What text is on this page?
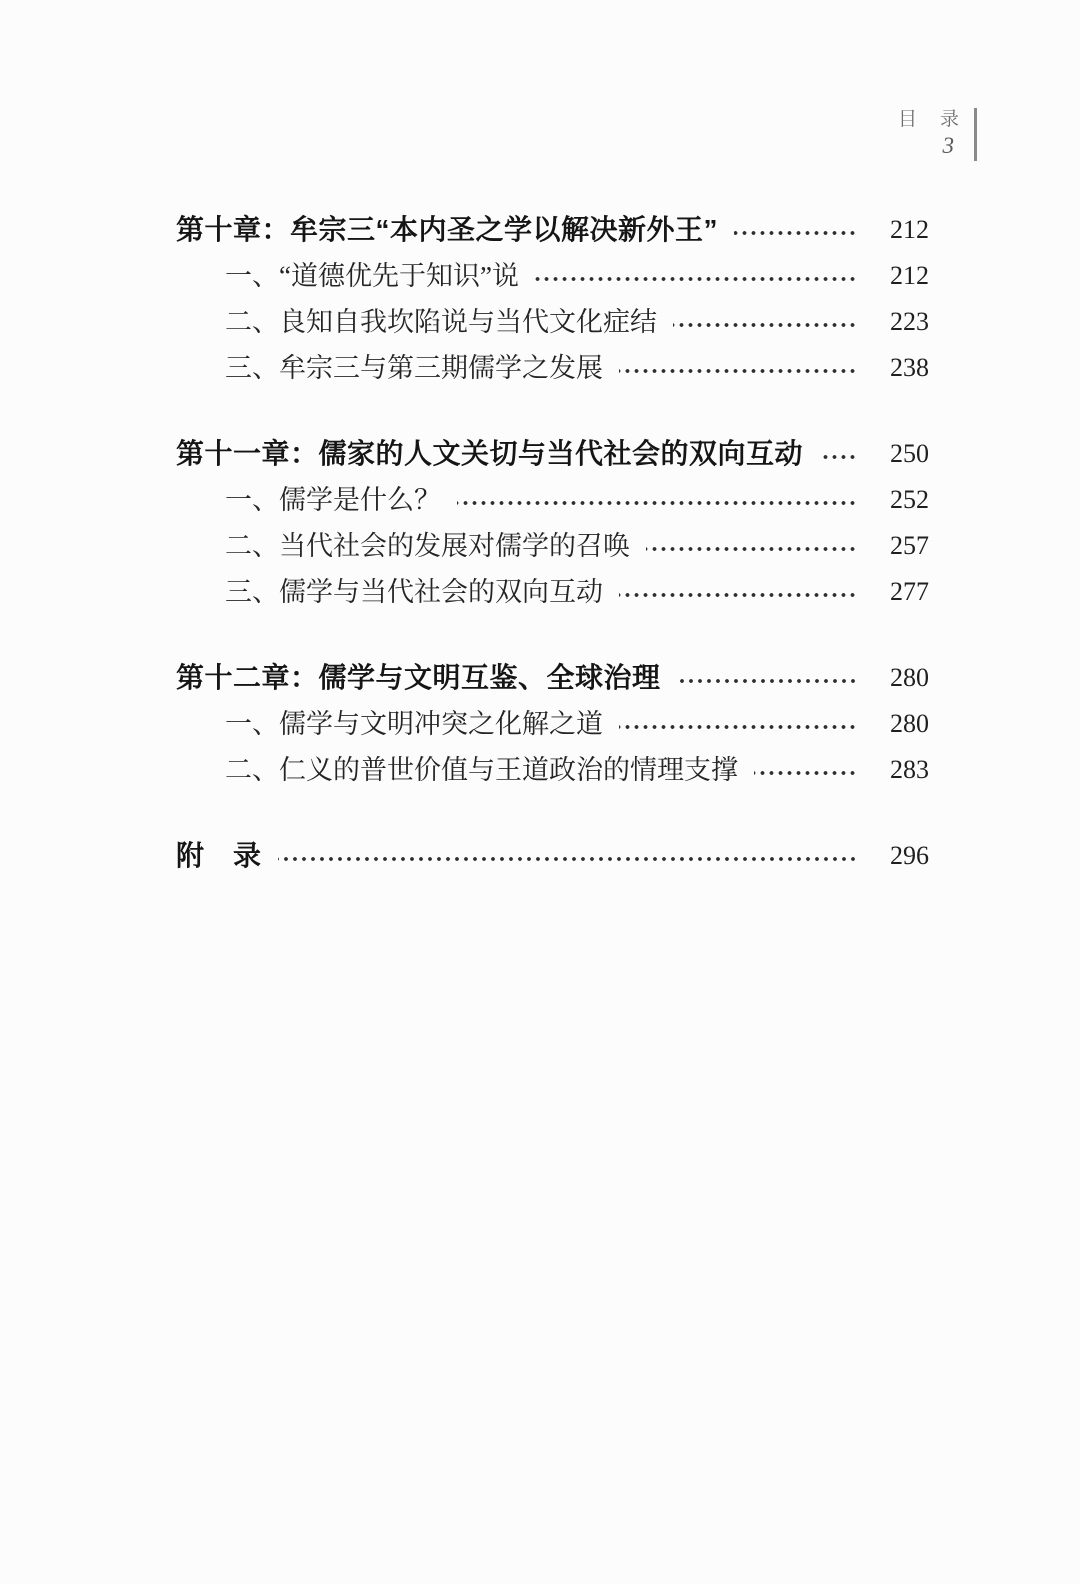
目　录
3
第十章：牟宗三“本内圣之学以解决新外王”	212
一、“道德优先于知识”说	212
二、良知自我坎陷说与当代文化症结	223
三、牟宗三与第三期儒学之发展	238
第十一章：儒家的人文关切与当代社会的双向互动	250
一、儒学是什么？	252
二、当代社会的发展对儒学的召唤	257
三、儒学与当代社会的双向互动	277
第十二章：儒学与文明互鉴、全球治理	280
一、儒学与文明冲突之化解之道	280
二、仁义的普世价值与王道政治的情理支撑	283
附　录	296
